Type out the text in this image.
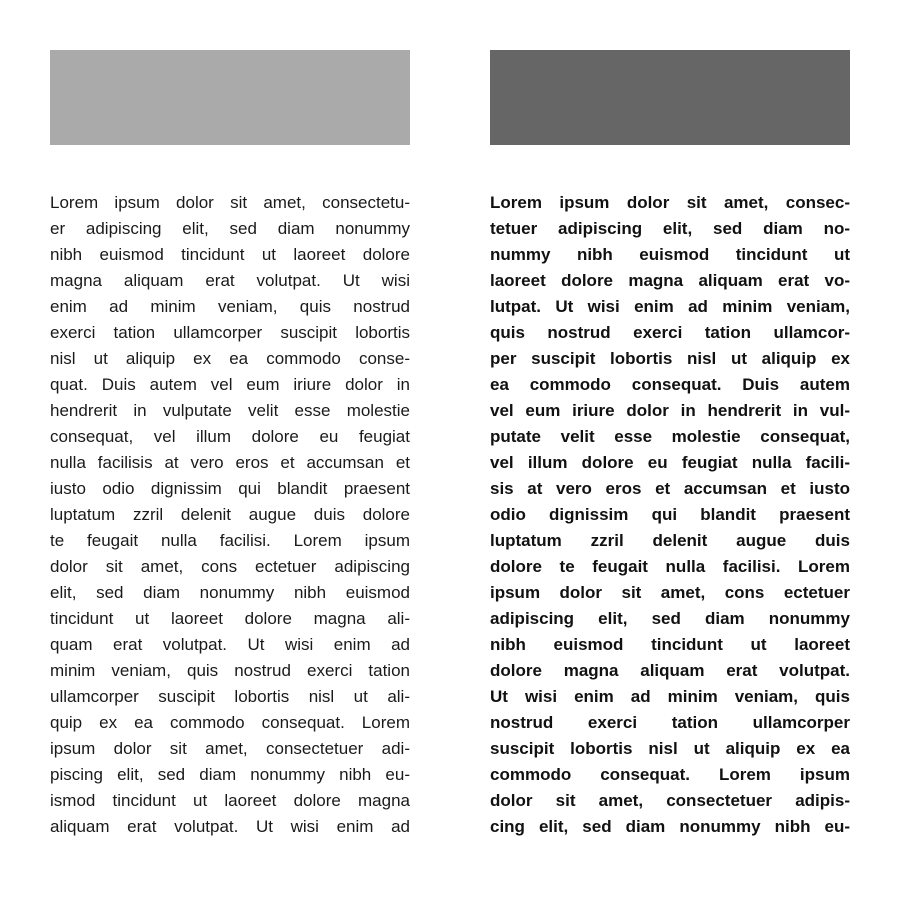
Lorem ipsum dolor sit amet, consectetu-
er adipiscing elit, sed diam nonummy
nibh euismod tincidunt ut laoreet dolore
magna aliquam erat volutpat. Ut wisi
enim ad minim veniam, quis nostrud
exerci tation ullamcorper suscipit lobortis
nisl ut aliquip ex ea commodo conse-
quat. Duis autem vel eum iriure dolor in
hendrerit in vulputate velit esse molestie
consequat, vel illum dolore eu feugiat
nulla facilisis at vero eros et accumsan et
iusto odio dignissim qui blandit praesent
luptatum zzril delenit augue duis dolore
te feugait nulla facilisi. Lorem ipsum
dolor sit amet, cons ectetuer adipiscing
elit, sed diam nonummy nibh euismod
tincidunt ut laoreet dolore magna ali-
quam erat volutpat. Ut wisi enim ad
minim veniam, quis nostrud exerci tation
ullamcorper suscipit lobortis nisl ut ali-
quip ex ea commodo consequat. Lorem
ipsum dolor sit amet, consectetuer adi-
piscing elit, sed diam nonummy nibh eu-
ismod tincidunt ut laoreet dolore magna
aliquam erat volutpat. Ut wisi enim ad
Lorem ipsum dolor sit amet, consec-
tetuer adipiscing elit, sed diam no-
nummy nibh euismod tincidunt ut
laoreet dolore magna aliquam erat vo-
lutpat. Ut wisi enim ad minim veniam,
quis nostrud exerci tation ullamcor-
per suscipit lobortis nisl ut aliquip ex
ea commodo consequat. Duis autem
vel eum iriure dolor in hendrerit in vul-
putate velit esse molestie consequat,
vel illum dolore eu feugiat nulla facili-
sis at vero eros et accumsan et iusto
odio dignissim qui blandit praesent
luptatum zzril delenit augue duis
dolore te feugait nulla facilisi. Lorem
ipsum dolor sit amet, cons ectetuer
adipiscing elit, sed diam nonummy
nibh euismod tincidunt ut laoreet
dolore magna aliquam erat volutpat.
Ut wisi enim ad minim veniam, quis
nostrud exerci tation ullamcorper
suscipit lobortis nisl ut aliquip ex ea
commodo consequat. Lorem ipsum
dolor sit amet, consectetuer adipis-
cing elit, sed diam nonummy nibh eu-
